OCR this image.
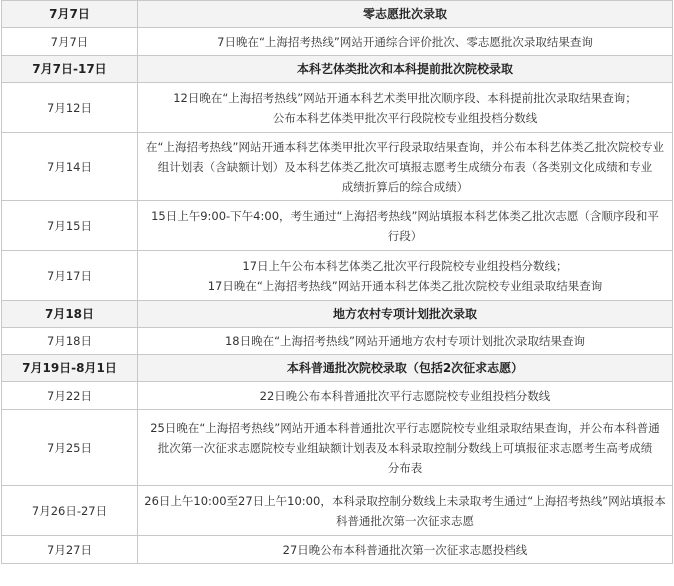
7月7日	零志愿批次录取
7月7日	7日晚在“上海招考热线”网站开通综合评价批次、零志愿批次录取结果查询

7月7日-17日	本科艺体类批次和本科提前批次院校录取
7月12日	12日晚在“上海招考热线”网站开通本科艺术类甲批次顺序段、本科提前批次录取结果查询；
公布本科艺体类甲批次平行段院校专业组投档分数线

7月14日	在“上海招考热线”网站开通本科艺体类甲批次平行段录取结果查询，并公布本科艺体类乙批次院校专业
组计划表（含缺额计划）及本科艺体类乙批次可填报志愿考生成绩分布表（各类别文化成绩和专业
成绩折算后的综合成绩）

7月15日	15日上午9:00-下午4:00，考生通过“上海招考热线”网站填报本科艺体类乙批次志愿（含顺序段和平
行段）

7月17日	17日上午公布本科艺体类乙批次平行段院校专业组投档分数线；
17日晚在“上海招考热线”网站开通本科艺体类乙批次院校专业组录取结果查询

7月18日	地方农村专项计划批次录取
7月18日	18日晚在“上海招考热线”网站开通地方农村专项计划批次录取结果查询

7月19日-8月1日	本科普通批次院校录取（包括2次征求志愿）
7月22日	22日晚公布本科普通批次平行志愿院校专业组投档分数线

7月25日	25日晚在“上海招考热线”网站开通本科普通批次平行志愿院校专业组录取结果查询，并公布本科普通
批次第一次征求志愿院校专业组缺额计划表及本科录取控制分数线上可填报征求志愿考生高考成绩
分布表

7月26日-27日	26日上午10:00至27日上午10:00，本科录取控制分数线上未录取考生通过“上海招考热线”网站填报本
科普通批次第一次征求志愿

7月27日	27日晚公布本科普通批次第一次征求志愿投档线
